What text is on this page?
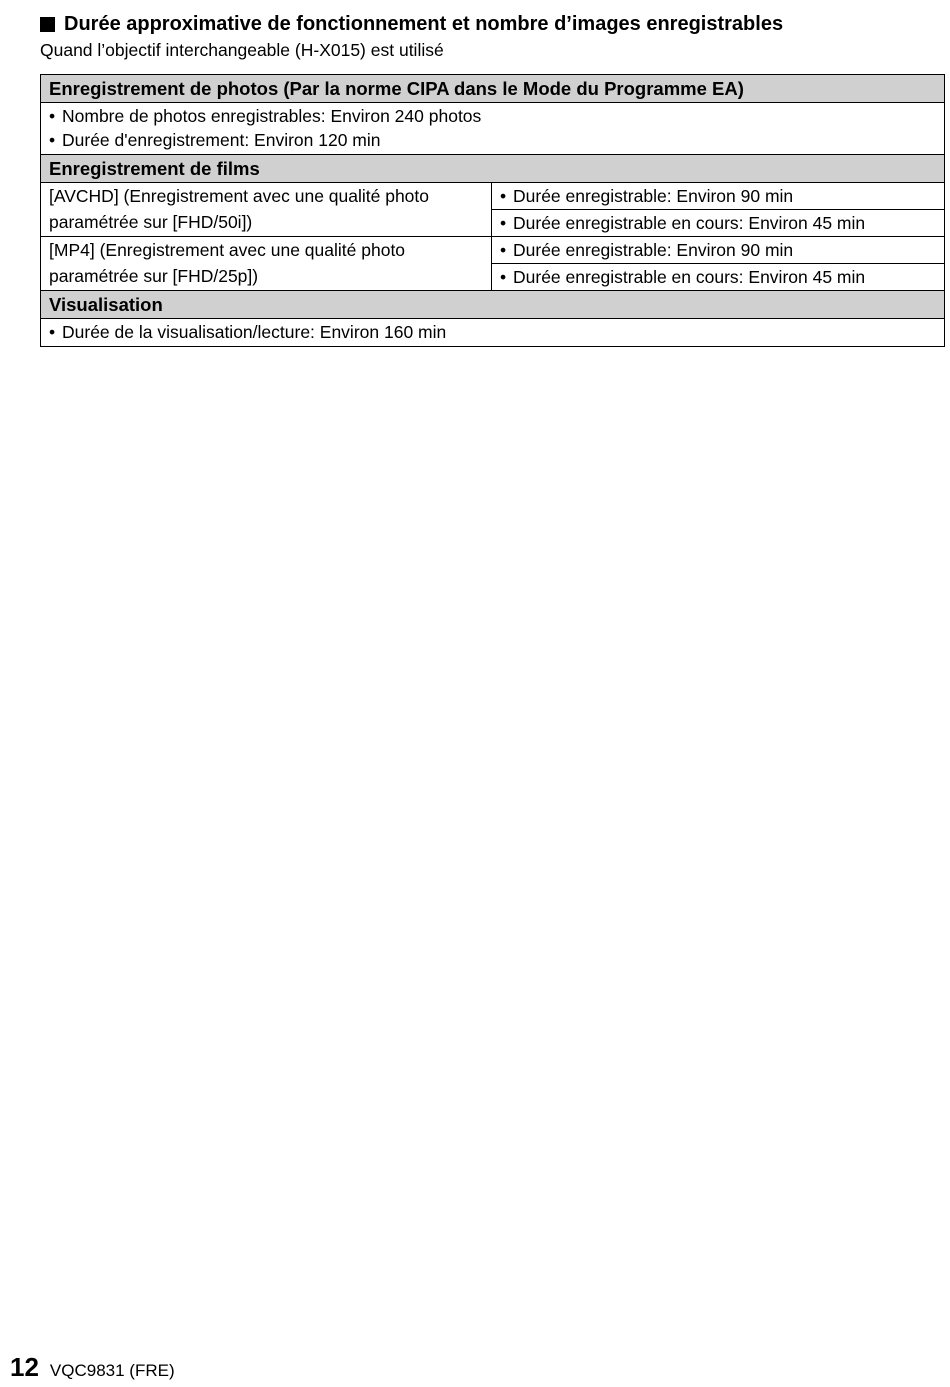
Durée approximative de fonctionnement et nombre d’images enregistrables
Quand l’objectif interchangeable (H-X015) est utilisé
Enregistrement de photos (Par la norme CIPA dans le Mode du Programme EA)	

• Nombre de photos enregistrables: Environ 240 photos
• Durée d'enregistrement: Environ 120 min	

Enregistrement de films	

[AVCHD] (Enregistrement avec une qualité photo
paramétrée sur [FHD/50i])	• Durée enregistrable: Environ 90 min
	• Durée enregistrable en cours: Environ 45 min

[MP4] (Enregistrement avec une qualité photo
paramétrée sur [FHD/25p])	• Durée enregistrable: Environ 90 min
	• Durée enregistrable en cours: Environ 45 min
Visualisation	

• Durée de la visualisation/lecture: Environ 160 min	
12 VQC9831 (FRE)
